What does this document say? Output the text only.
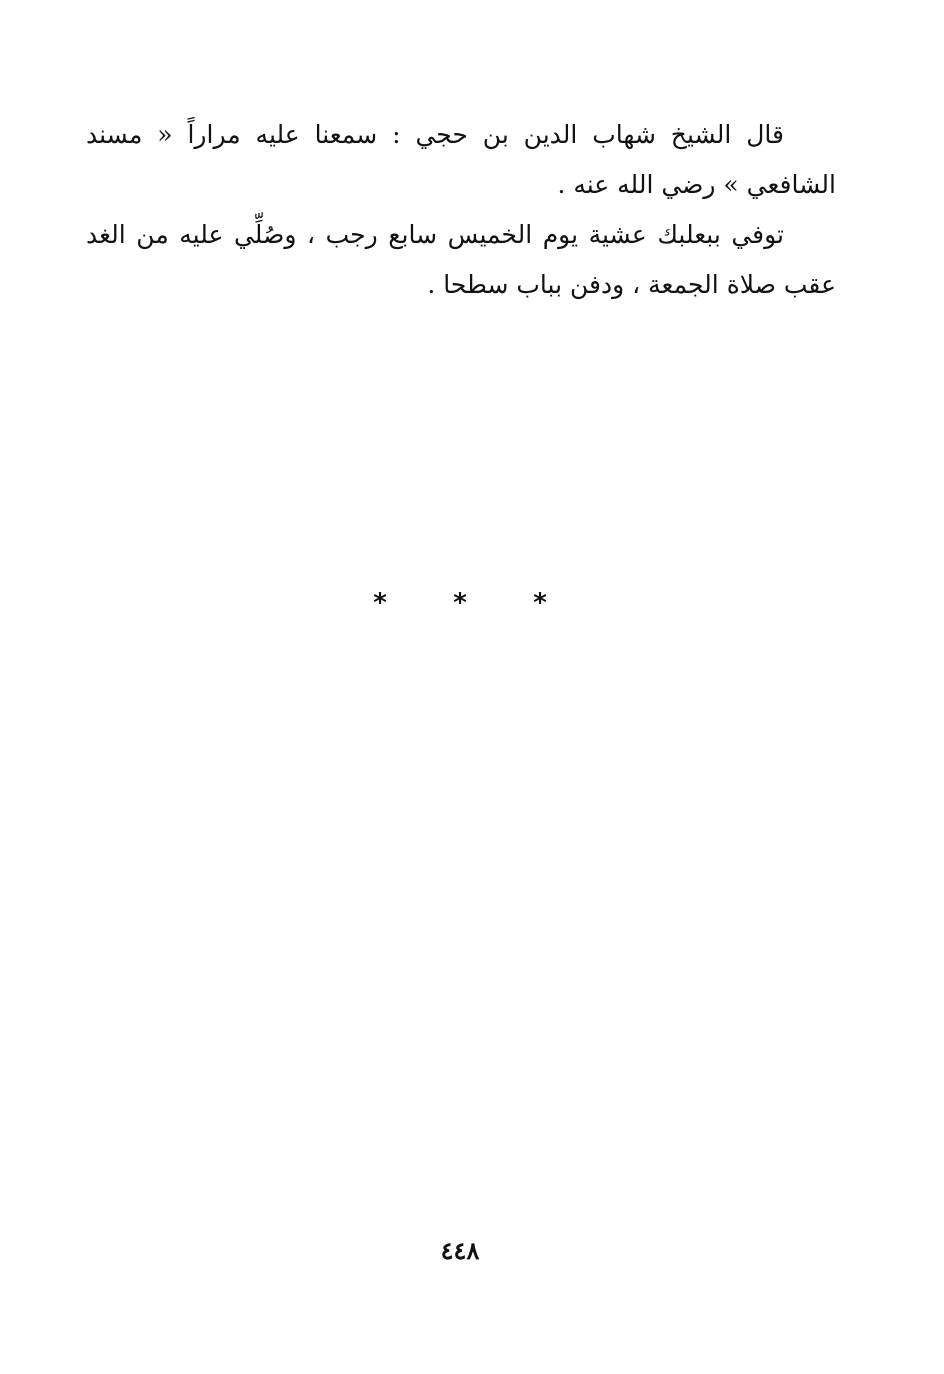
قال الشيخ شهاب الدين بن حجي : سمعنا عليه مراراً « مسند الشافعي » رضي الله عنه .

توفي ببعلبك عشية يوم الخميس سابع رجب ، وصُلِّي عليه من الغد عقب صلاة الجمعة ، ودفن بباب سطحا .

*
*
*
٤٤٨
